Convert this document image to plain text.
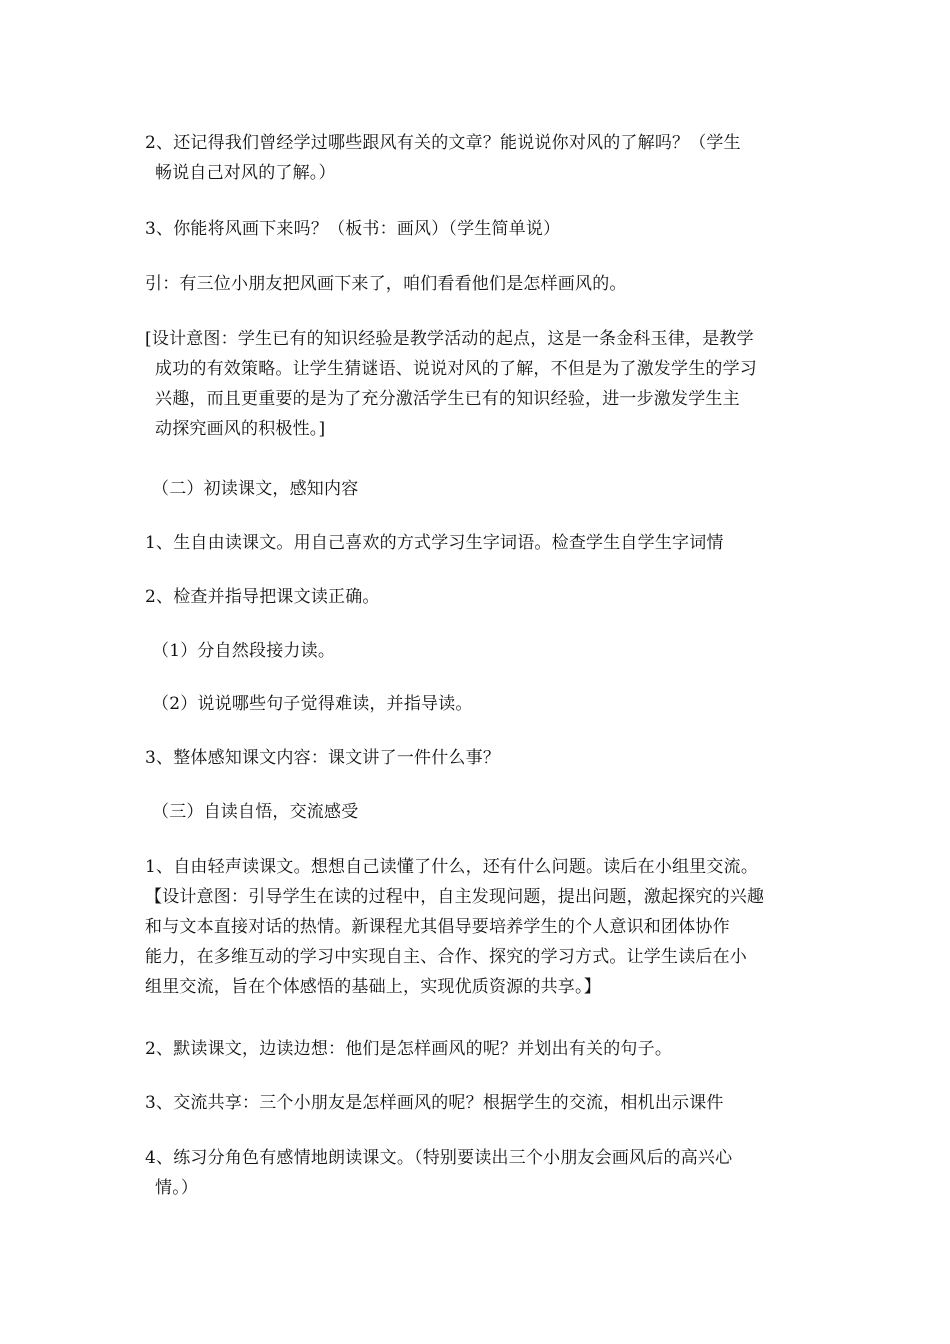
2、还记得我们曾经学过哪些跟风有关的文章？能说说你对风的了解吗？（学生
畅说自己对风的了解。）
3、你能将风画下来吗？（板书：画风）（学生简单说）
引：有三位小朋友把风画下来了，咱们看看他们是怎样画风的。
[设计意图：学生已有的知识经验是教学活动的起点，这是一条金科玉律，是教学
成功的有效策略。让学生猜谜语、说说对风的了解，不但是为了激发学生的学习
兴趣，而且更重要的是为了充分激活学生已有的知识经验，进一步激发学生主
动探究画风的积极性。]
（二）初读课文，感知内容
1、生自由读课文。用自己喜欢的方式学习生字词语。检查学生自学生字词情
2、检查并指导把课文读正确。
（1）分自然段接力读。
（2）说说哪些句子觉得难读，并指导读。
3、整体感知课文内容：课文讲了一件什么事？
（三）自读自悟，交流感受
1、自由轻声读课文。想想自己读懂了什么，还有什么问题。读后在小组里交流。
【设计意图：引导学生在读的过程中，自主发现问题，提出问题，激起探究的兴趣
和与文本直接对话的热情。新课程尤其倡导要培养学生的个人意识和团体协作
能力，在多维互动的学习中实现自主、合作、探究的学习方式。让学生读后在小
组里交流，旨在个体感悟的基础上，实现优质资源的共享。】
2、默读课文，边读边想：他们是怎样画风的呢？并划出有关的句子。
3、交流共享：三个小朋友是怎样画风的呢？根据学生的交流，相机出示课件
4、练习分角色有感情地朗读课文。（特别要读出三个小朋友会画风后的高兴心
情。）
